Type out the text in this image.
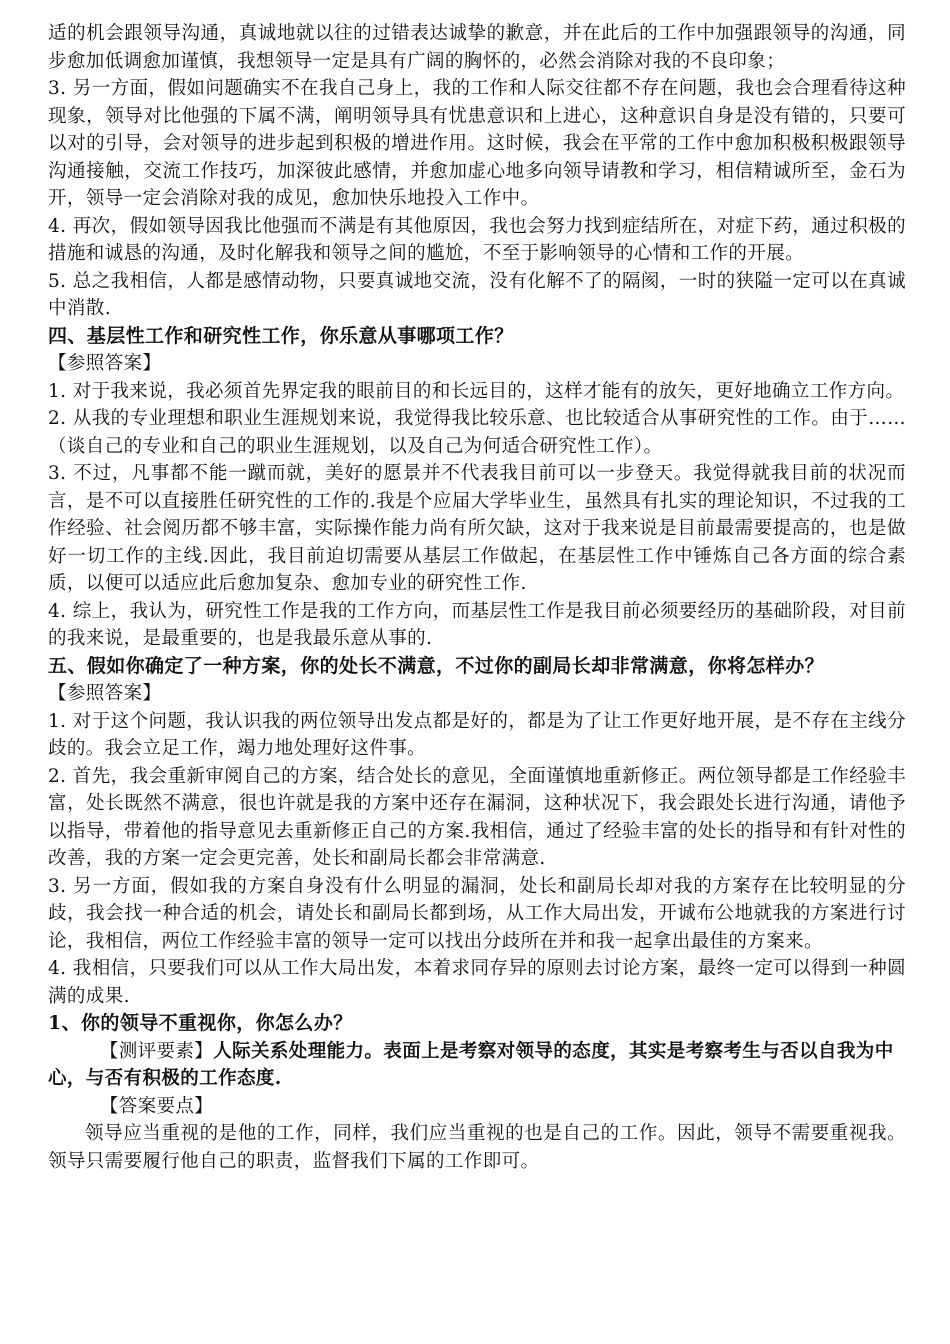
适的机会跟领导沟通，真诚地就以往的过错表达诚挚的歉意，并在此后的工作中加强跟领导的沟通，同步愈加低调愈加谨慎，我想领导一定是具有广阔的胸怀的，必然会消除对我的不良印象；

3. 另一方面，假如问题确实不在我自己身上，我的工作和人际交往都不存在问题，我也会合理看待这种现象，领导对比他强的下属不满，阐明领导具有忧患意识和上进心，这种意识自身是没有错的，只要可以对的引导，会对领导的进步起到积极的增进作用。这时候，我会在平常的工作中愈加积极积极跟领导沟通接触，交流工作技巧，加深彼此感情，并愈加虚心地多向领导请教和学习，相信精诚所至，金石为开，领导一定会消除对我的成见，愈加快乐地投入工作中。

4. 再次，假如领导因我比他强而不满是有其他原因，我也会努力找到症结所在，对症下药，通过积极的措施和诚恳的沟通，及时化解我和领导之间的尴尬，不至于影响领导的心情和工作的开展。

5. 总之我相信，人都是感情动物，只要真诚地交流，没有化解不了的隔阂，一时的狭隘一定可以在真诚中消散.

四、基层性工作和研究性工作，你乐意从事哪项工作？

【参照答案】

1. 对于我来说，我必须首先界定我的眼前目的和长远目的，这样才能有的放矢，更好地确立工作方向。

2. 从我的专业理想和职业生涯规划来说，我觉得我比较乐意、也比较适合从事研究性的工作。由于……（谈自己的专业和自己的职业生涯规划，以及自己为何适合研究性工作）。

3. 不过，凡事都不能一蹴而就，美好的愿景并不代表我目前可以一步登天。我觉得就我目前的状况而言，是不可以直接胜任研究性的工作的.我是个应届大学毕业生，虽然具有扎实的理论知识，不过我的工作经验、社会阅历都不够丰富，实际操作能力尚有所欠缺，这对于我来说是目前最需要提高的，也是做好一切工作的主线.因此，我目前迫切需要从基层工作做起，在基层性工作中锤炼自己各方面的综合素质，以便可以适应此后愈加复杂、愈加专业的研究性工作.

4. 综上，我认为，研究性工作是我的工作方向，而基层性工作是我目前必须要经历的基础阶段，对目前的我来说，是最重要的，也是我最乐意从事的.

五、假如你确定了一种方案，你的处长不满意，不过你的副局长却非常满意，你将怎样办？

【参照答案】

1. 对于这个问题，我认识我的两位领导出发点都是好的，都是为了让工作更好地开展，是不存在主线分歧的。我会立足工作，竭力地处理好这件事。

2. 首先，我会重新审阅自己的方案，结合处长的意见，全面谨慎地重新修正。两位领导都是工作经验丰富，处长既然不满意，很也许就是我的方案中还存在漏洞，这种状况下，我会跟处长进行沟通，请他予以指导，带着他的指导意见去重新修正自己的方案.我相信，通过了经验丰富的处长的指导和有针对性的改善，我的方案一定会更完善，处长和副局长都会非常满意.

3. 另一方面，假如我的方案自身没有什么明显的漏洞，处长和副局长却对我的方案存在比较明显的分歧，我会找一种合适的机会，请处长和副局长都到场，从工作大局出发，开诚布公地就我的方案进行讨论，我相信，两位工作经验丰富的领导一定可以找出分歧所在并和我一起拿出最佳的方案来。

4. 我相信，只要我们可以从工作大局出发，本着求同存异的原则去讨论方案，最终一定可以得到一种圆满的成果.

1、你的领导不重视你，你怎么办？

【测评要素】人际关系处理能力。表面上是考察对领导的态度，其实是考察考生与否以自我为中心，与否有积极的工作态度.

【答案要点】

领导应当重视的是他的工作，同样，我们应当重视的也是自己的工作。因此，领导不需要重视我。领导只需要履行他自己的职责，监督我们下属的工作即可。
